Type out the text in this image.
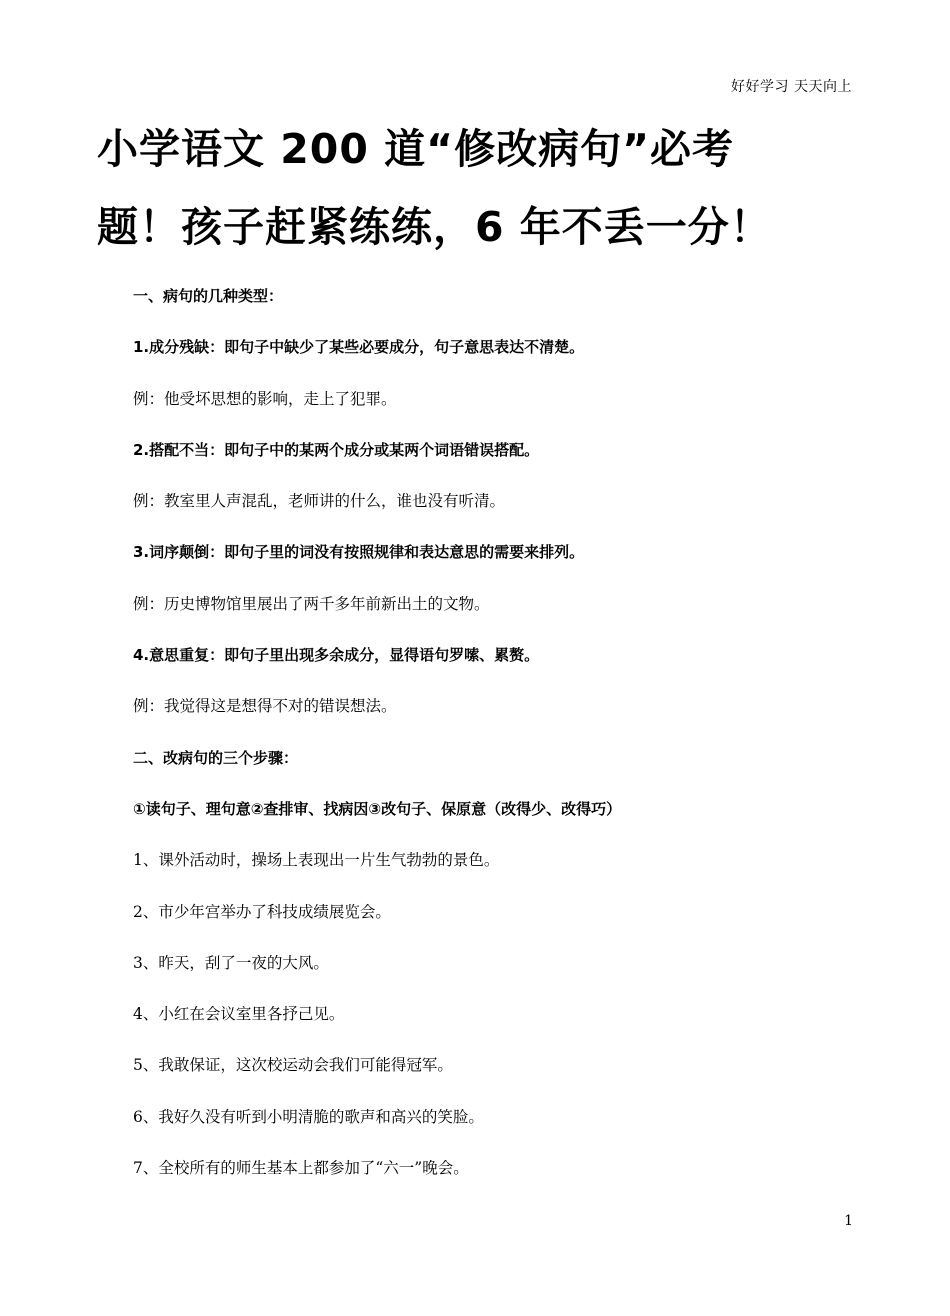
好好学习 天天向上
小学语文 200 道“修改病句”必考
题！孩子赶紧练练，6 年不丢一分！
一、病句的几种类型：
1.成分残缺：即句子中缺少了某些必要成分，句子意思表达不清楚。
例：他受坏思想的影响，走上了犯罪。
2.搭配不当：即句子中的某两个成分或某两个词语错误搭配。
例：教室里人声混乱，老师讲的什么，谁也没有听清。
3.词序颠倒：即句子里的词没有按照规律和表达意思的需要来排列。
例：历史博物馆里展出了两千多年前新出土的文物。
4.意思重复：即句子里出现多余成分，显得语句罗嗦、累赘。
例：我觉得这是想得不对的错误想法。
二、改病句的三个步骤：
①读句子、理句意②查排审、找病因③改句子、保原意（改得少、改得巧）
1、课外活动时，操场上表现出一片生气勃勃的景色。
2、市少年宫举办了科技成绩展览会。
3、昨天，刮了一夜的大风。
4、小红在会议室里各抒己见。
5、我敢保证，这次校运动会我们可能得冠军。
6、我好久没有听到小明清脆的歌声和高兴的笑脸。
7、全校所有的师生基本上都参加了“六一”晚会。
1
